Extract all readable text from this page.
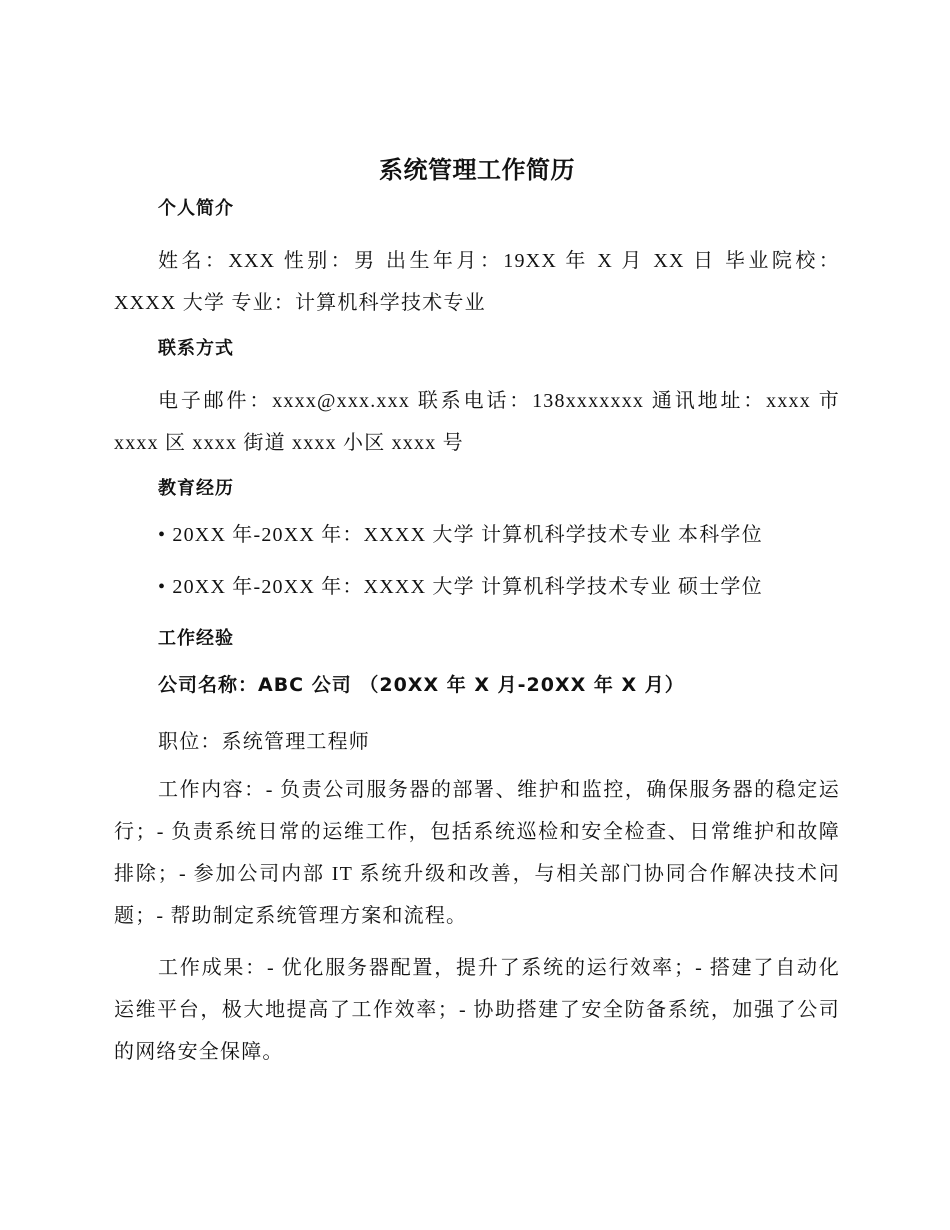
系统管理工作简历
个人简介
姓名：XXX 性别：男 出生年月：19XX 年 X 月 XX 日 毕业院校：XXXX 大学 专业：计算机科学技术专业
联系方式
电子邮件：xxxx@xxx.xxx 联系电话：138xxxxxxx 通讯地址：xxxx 市 xxxx 区 xxxx 街道 xxxx 小区 xxxx 号
教育经历
• 20XX 年-20XX 年：XXXX 大学 计算机科学技术专业 本科学位
• 20XX 年-20XX 年：XXXX 大学 计算机科学技术专业 硕士学位
工作经验
公司名称：ABC 公司 （20XX 年 X 月-20XX 年 X 月）
职位：系统管理工程师
工作内容：- 负责公司服务器的部署、维护和监控，确保服务器的稳定运行；- 负责系统日常的运维工作，包括系统巡检和安全检查、日常维护和故障排除；- 参加公司内部 IT 系统升级和改善，与相关部门协同合作解决技术问题；- 帮助制定系统管理方案和流程。
工作成果：- 优化服务器配置，提升了系统的运行效率；- 搭建了自动化运维平台，极大地提高了工作效率；- 协助搭建了安全防备系统，加强了公司的网络安全保障。
